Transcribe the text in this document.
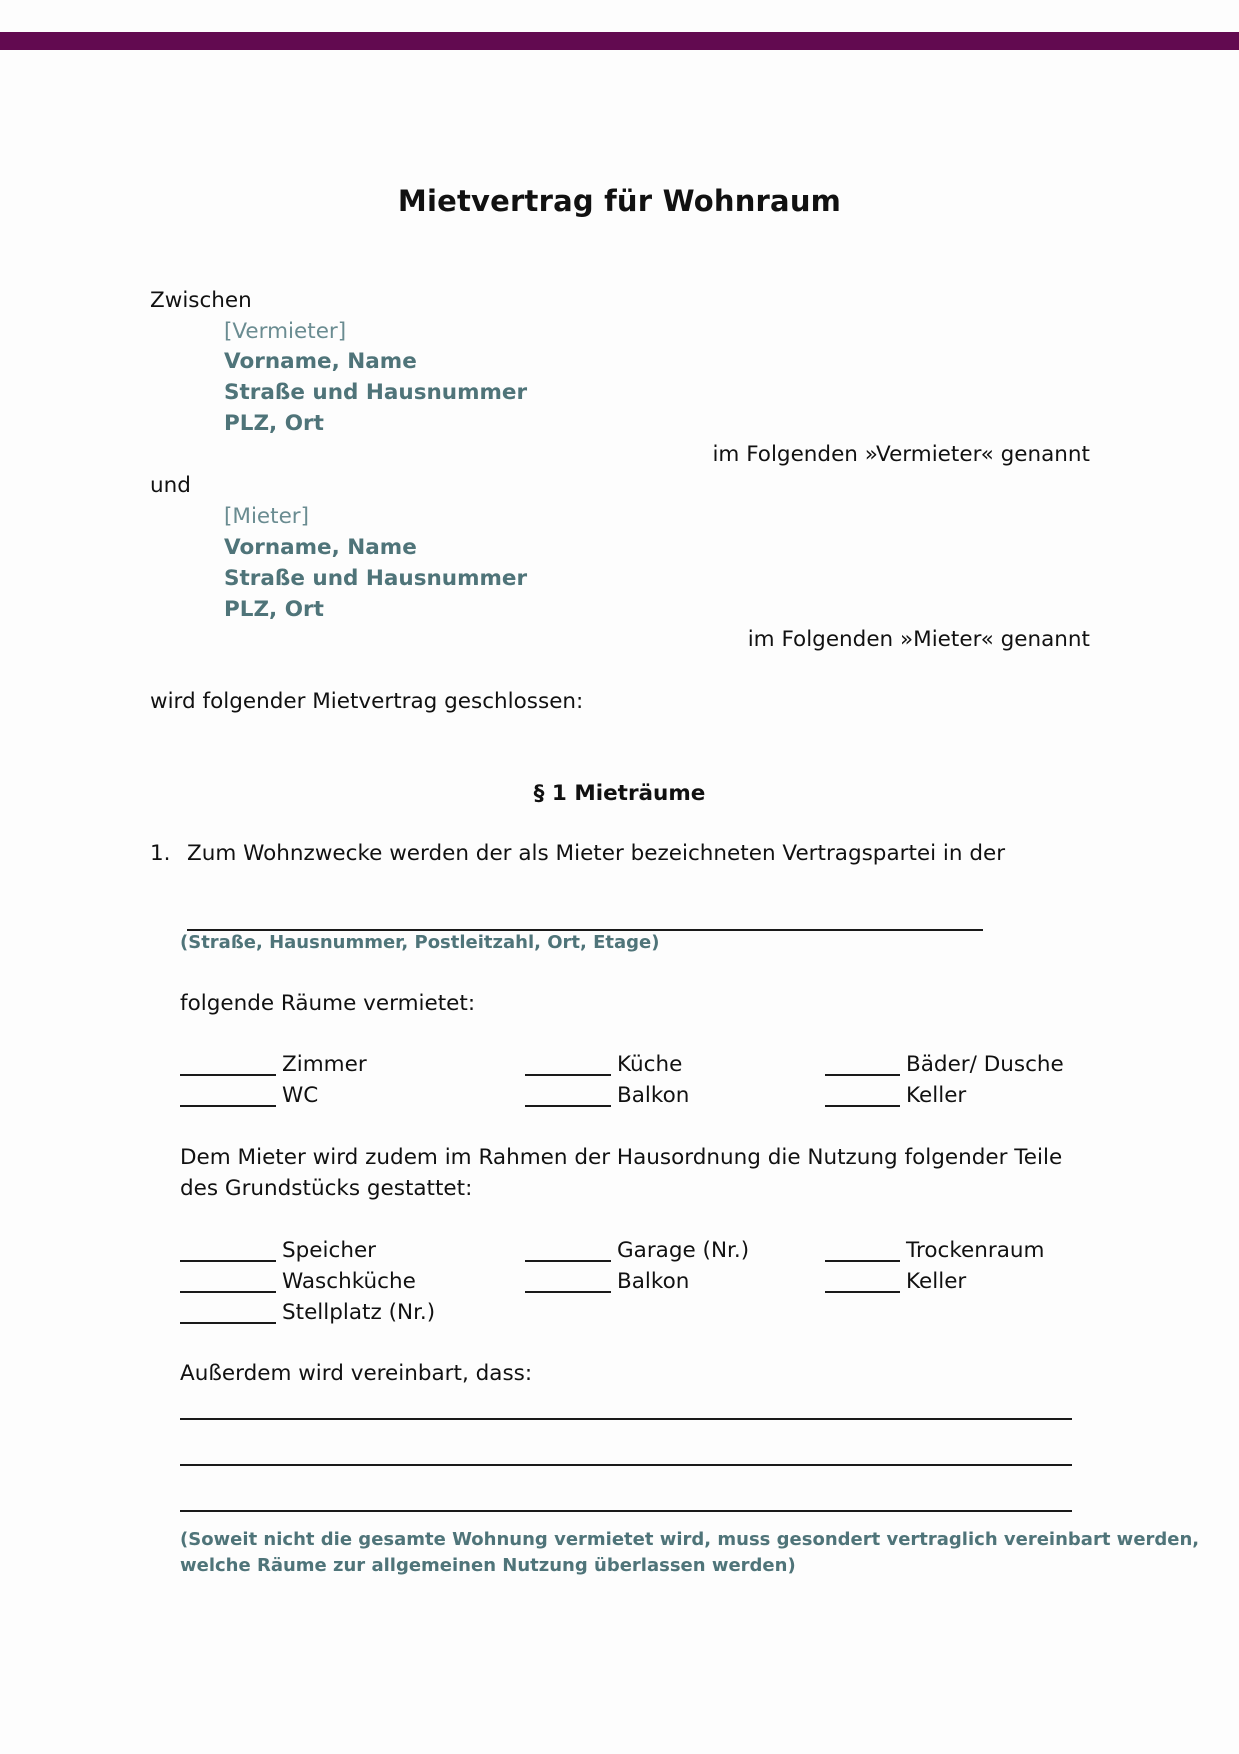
Mietvertrag für Wohnraum
Zwischen
[Vermieter]
Vorname, Name
Straße und Hausnummer
PLZ, Ort
im Folgenden »Vermieter« genannt
und
[Mieter]
Vorname, Name
Straße und Hausnummer
PLZ, Ort
im Folgenden »Mieter« genannt
wird folgender Mietvertrag geschlossen:
§ 1 Mieträume
1. Zum Wohnzwecke werden der als Mieter bezeichneten Vertragspartei in der
(Straße, Hausnummer, Postleitzahl, Ort, Etage)
folgende Räume vermietet:
Zimmer	Küche	Bäder/ Dusche
WC	Balkon	Keller
Dem Mieter wird zudem im Rahmen der Hausordnung die Nutzung folgender Teile
des Grundstücks gestattet:
Speicher	Garage (Nr.)	Trockenraum
Waschküche	Balkon	Keller
Stellplatz (Nr.)
Außerdem wird vereinbart, dass:
(Soweit nicht die gesamte Wohnung vermietet wird, muss gesondert vertraglich vereinbart werden,
welche Räume zur allgemeinen Nutzung überlassen werden)
